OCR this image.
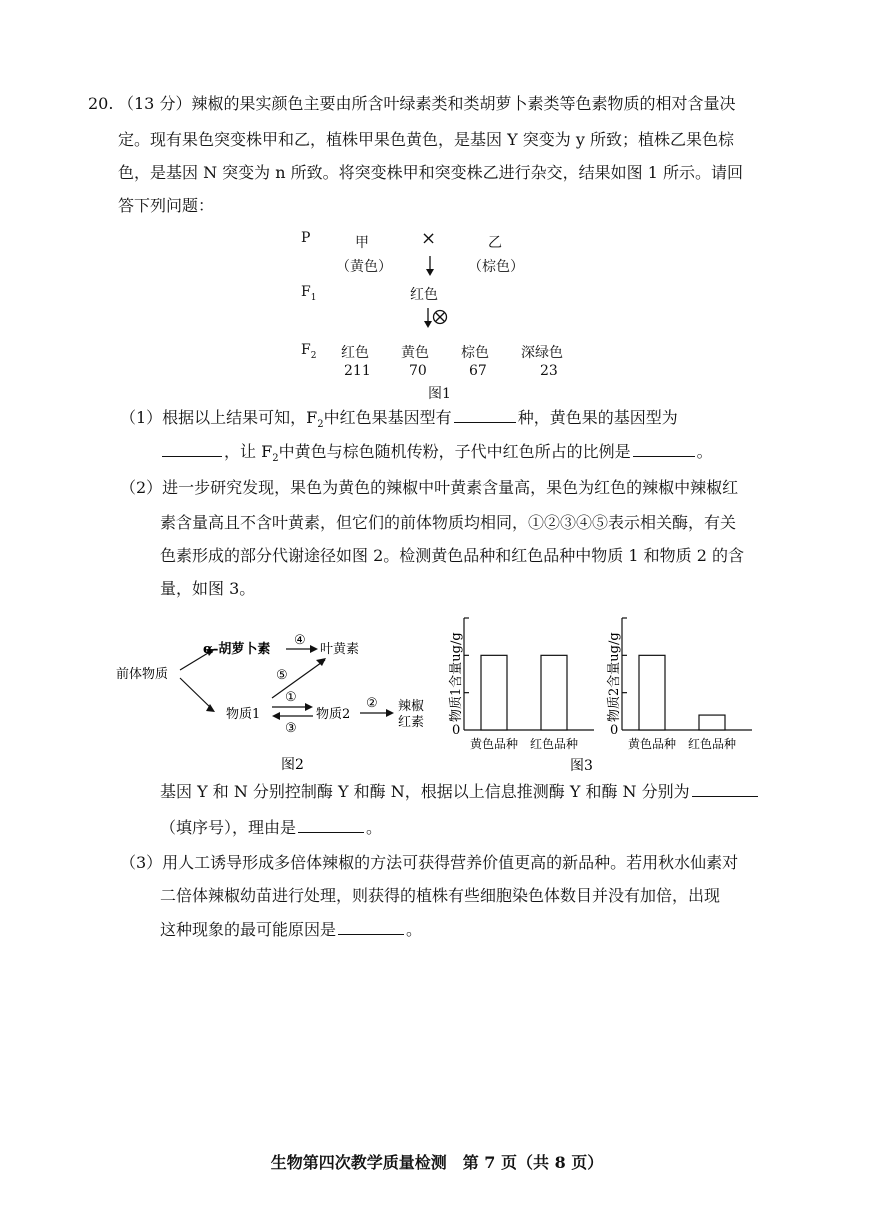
20. （13 分）辣椒的果实颜色主要由所含叶绿素类和类胡萝卜素类等色素物质的相对含量决
定。现有果色突变株甲和乙，植株甲果色黄色，是基因 Y 突变为 y 所致；植株乙果色棕
色，是基因 N 突变为 n 所致。将突变株甲和突变株乙进行杂交，结果如图 1 所示。请回
答下列问题：
P	甲	×	乙
（黄色）	（棕色）
$F_1$	红色
$F_2$ 红色 黄色 棕色 深绿色
211	70	67	23
图1
（1）根据以上结果可知，$F_2$中红色果基因型有	种，黄色果的基因型为
，让 $F_2$中黄色与棕色随机传粉，子代中红色所占的比例是	。
（2）进一步研究发现，果色为黄色的辣椒中叶黄素含量高，果色为红色的辣椒中辣椒红
素含量高且不含叶黄素，但它们的前体物质均相同，①②③④⑤表示相关酶，有关
色素形成的部分代谢途径如图 2。检测黄色品种和红色品种中物质 1 和物质 2 的含
量，如图 3。
前体物质
α-胡萝卜素
④
叶黄素
⑤
物质1
①
③
物质2
② 辣椒
红素
图2
物质1含量ug/g
0
黄色品种 红色品种
物质2含量ug/g
0
黄色品种 红色品种
图3
基因 Y 和 N 分别控制酶 Y 和酶 N，根据以上信息推测酶 Y 和酶 N 分别为
（填序号），理由是	。
（3）用人工诱导形成多倍体辣椒的方法可获得营养价值更高的新品种。若用秋水仙素对
二倍体辣椒幼苗进行处理，则获得的植株有些细胞染色体数目并没有加倍，出现
这种现象的最可能原因是	。
生物第四次教学质量检测　第 7 页（共 8 页）
